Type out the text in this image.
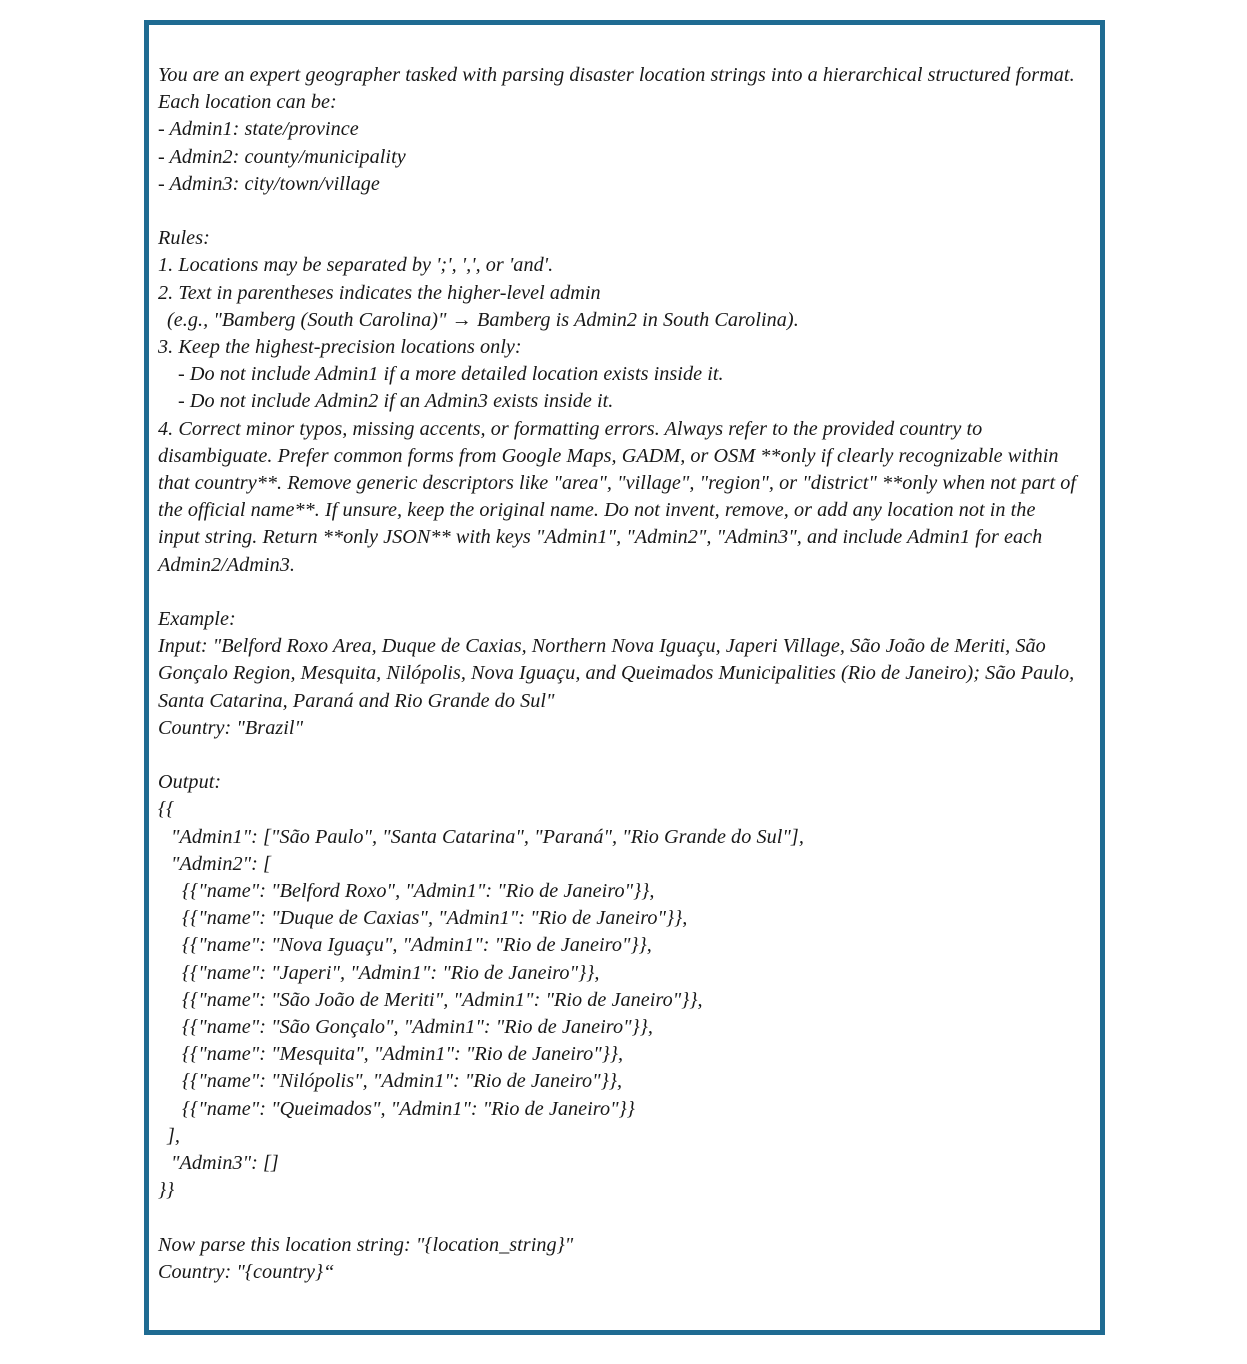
You are an expert geographer tasked with parsing disaster location strings into a hierarchical structured format.
Each location can be:
- Admin1: state/province
- Admin2: county/municipality
- Admin3: city/town/village
Rules:
1. Locations may be separated by ';', ',', or 'and'.
2. Text in parentheses indicates the higher-level admin
(e.g., "Bamberg (South Carolina)" → Bamberg is Admin2 in South Carolina).
3. Keep the highest-precision locations only:
- Do not include Admin1 if a more detailed location exists inside it.
- Do not include Admin2 if an Admin3 exists inside it.
4. Correct minor typos, missing accents, or formatting errors. Always refer to the provided country to disambiguate. Prefer common forms from Google Maps, GADM, or OSM **only if clearly recognizable within that country**. Remove generic descriptors like "area", "village", "region", or "district" **only when not part of the official name**. If unsure, keep the original name. Do not invent, remove, or add any location not in the input string. Return **only JSON** with keys "Admin1", "Admin2", "Admin3", and include Admin1 for each Admin2/Admin3.
Example:
Input: "Belford Roxo Area, Duque de Caxias, Northern Nova Iguaçu, Japeri Village, São João de Meriti, São Gonçalo Region, Mesquita, Nilópolis, Nova Iguaçu, and Queimados Municipalities (Rio de Janeiro); São Paulo, Santa Catarina, Paraná and Rio Grande do Sul"
Country: "Brazil"
Output:
{{
"Admin1": ["São Paulo", "Santa Catarina", "Paraná", "Rio Grande do Sul"],
"Admin2": [
{{"name": "Belford Roxo", "Admin1": "Rio de Janeiro"}},
{{"name": "Duque de Caxias", "Admin1": "Rio de Janeiro"}},
{{"name": "Nova Iguaçu", "Admin1": "Rio de Janeiro"}},
{{"name": "Japeri", "Admin1": "Rio de Janeiro"}},
{{"name": "São João de Meriti", "Admin1": "Rio de Janeiro"}},
{{"name": "São Gonçalo", "Admin1": "Rio de Janeiro"}},
{{"name": "Mesquita", "Admin1": "Rio de Janeiro"}},
{{"name": "Nilópolis", "Admin1": "Rio de Janeiro"}},
{{"name": "Queimados", "Admin1": "Rio de Janeiro"}}
],
"Admin3": []
}}
Now parse this location string: "{location_string}"
Country: "{country}“
